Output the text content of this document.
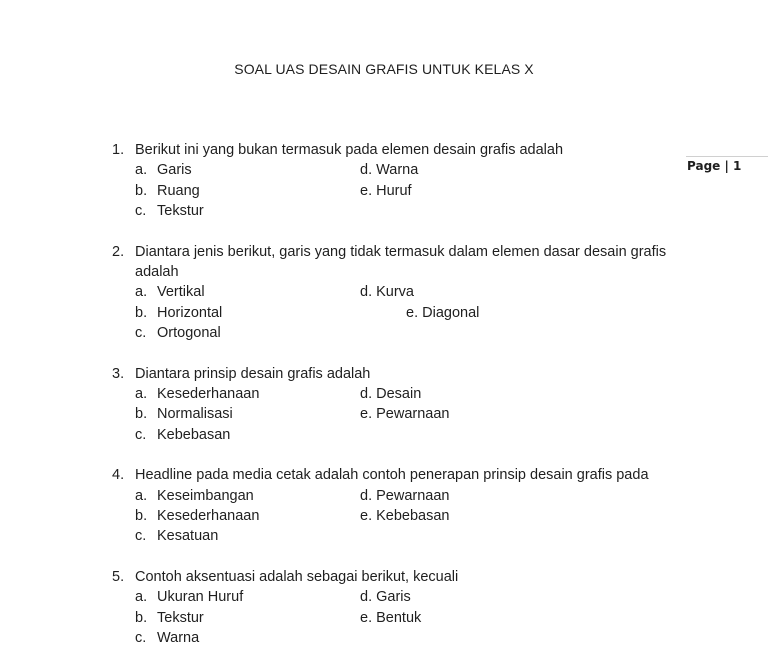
SOAL UAS DESAIN GRAFIS UNTUK KELAS X
Page | 1
1. Berikut ini yang bukan termasuk pada elemen desain grafis adalah
a. Garis	d. Warna
b. Ruang	e. Huruf
c. Tekstur
2. Diantara jenis berikut, garis yang tidak termasuk dalam elemen dasar desain grafis adalah
a. Vertikal	d. Kurva
b. Horizontal	e. Diagonal
c. Ortogonal
3. Diantara prinsip desain grafis adalah
a. Kesederhanaan	d. Desain
b. Normalisasi	e. Pewarnaan
c. Kebebasan
4. Headline pada media cetak adalah contoh penerapan prinsip desain grafis pada
a. Keseimbangan	d. Pewarnaan
b. Kesederhanaan	e. Kebebasan
c. Kesatuan
5. Contoh aksentuasi adalah sebagai berikut, kecuali
a. Ukuran Huruf	d. Garis
b. Tekstur	e. Bentuk
c. Warna
